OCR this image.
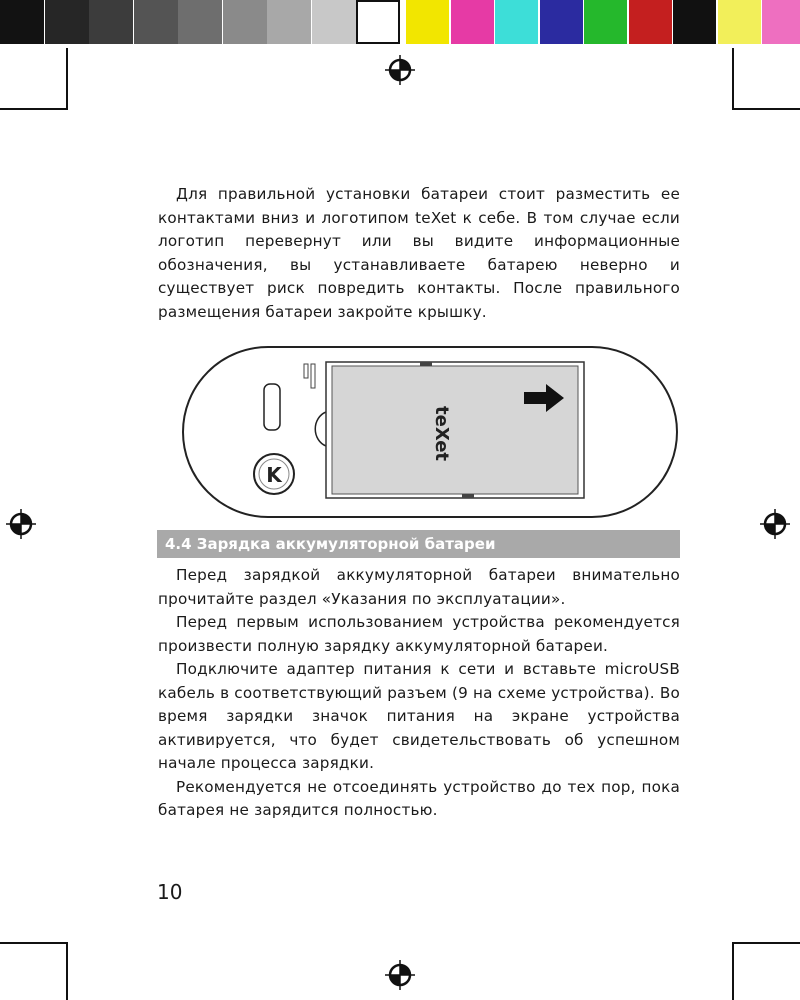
Для правильной установки батареи стоит разместить ее контактами вниз и логотипом teXet к себе. В том случае если логотип перевернут или вы видите информационные обозначения, вы устанавливаете батарею неверно и существует риск повредить контакты. После правильного размещения батареи закройте крышку.

K
teXet
4.4 Зарядка аккумуляторной батареи

Перед зарядкой аккумуляторной батареи внимательно прочитайте раздел «Указания по эксплуатации».

Перед первым использованием устройства рекомендуется произвести полную зарядку аккумуляторной батареи.

Подключите адаптер питания к сети и вставьте microUSB кабель в соответствующий разъем (9 на схеме устройства). Во время зарядки значок питания на экране устройства активируется, что будет свидетельствовать об успешном начале процесса зарядки.

Рекомендуется не отсоединять устройство до тех пор, пока батарея не зарядится полностью.

10
